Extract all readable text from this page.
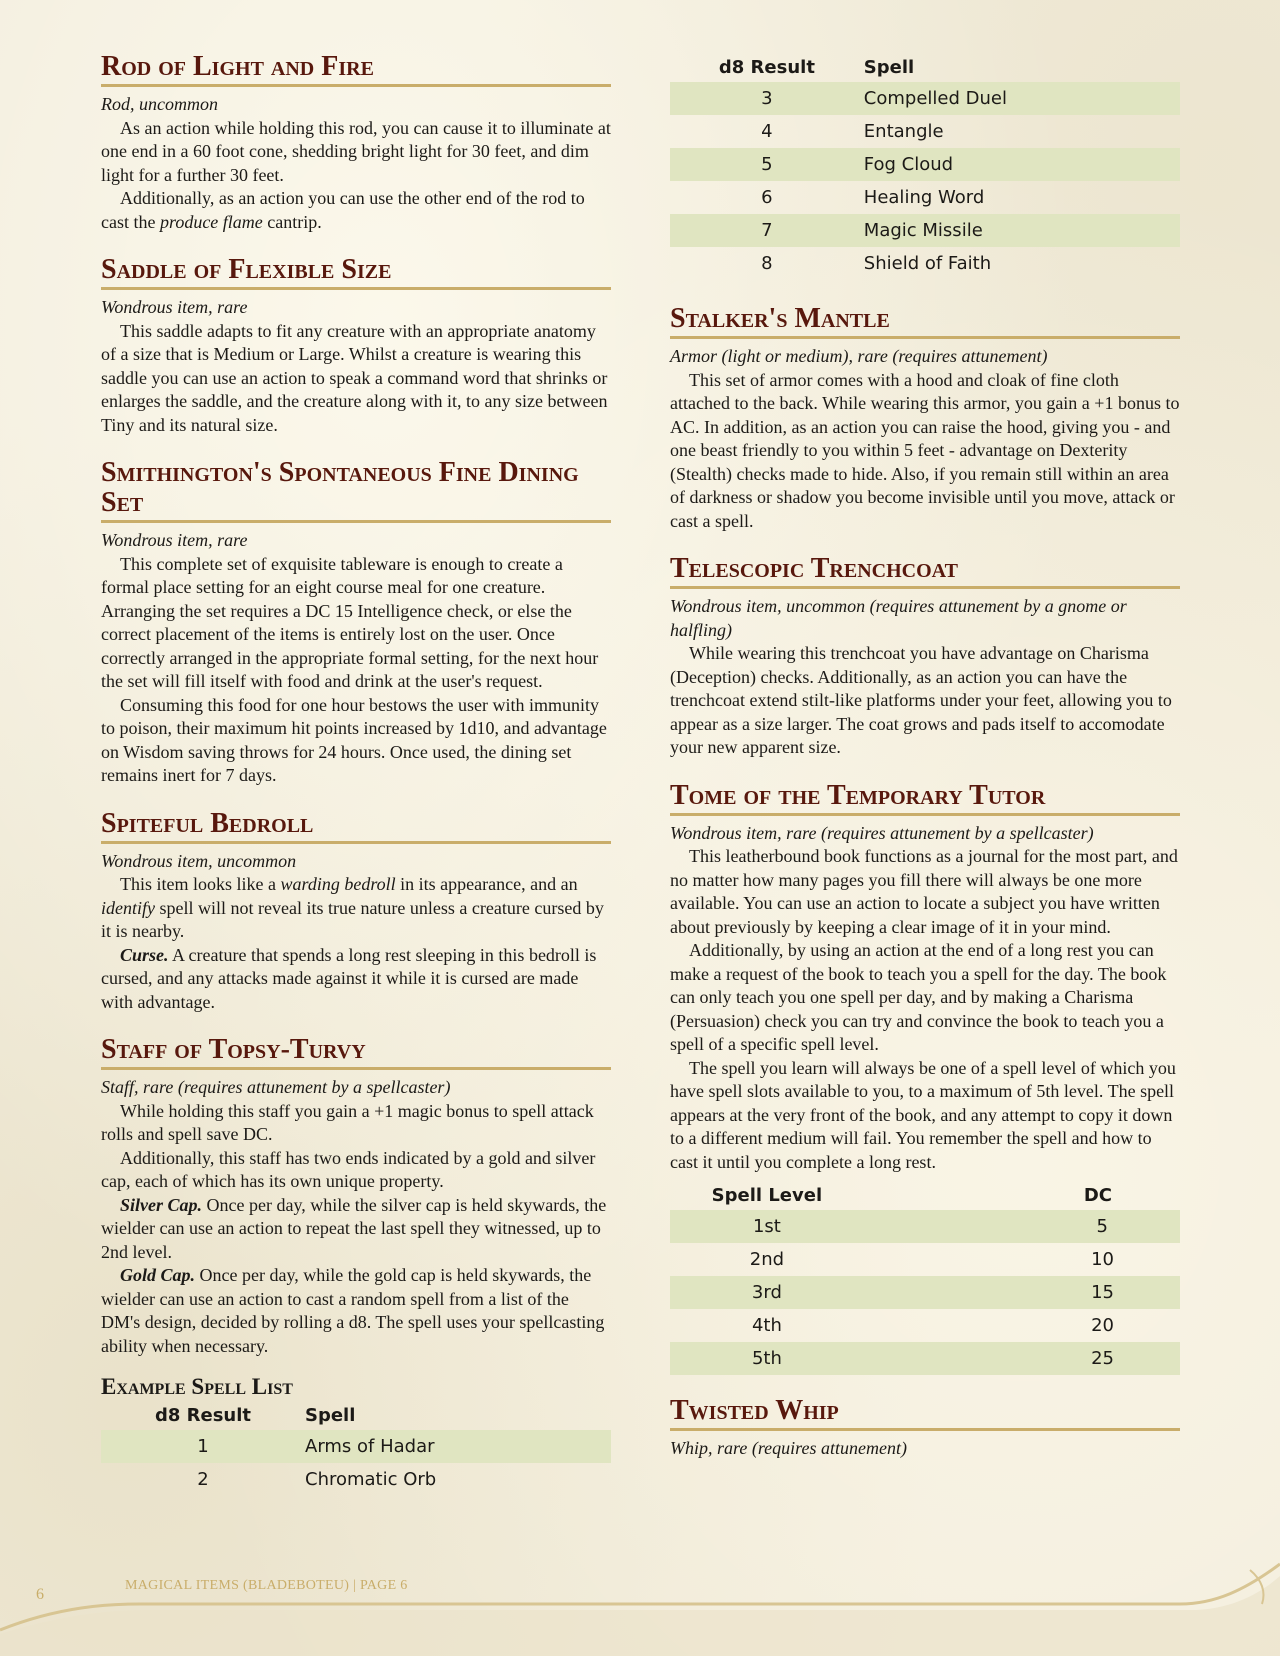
Rod of Light and Fire
Rod, uncommon

As an action while holding this rod, you can cause it to illuminate at one end in a 60 foot cone, shedding bright light for 30 feet, and dim light for a further 30 feet.

Additionally, as an action you can use the other end of the rod to cast the produce flame cantrip.

Saddle of Flexible Size
Wondrous item, rare

This saddle adapts to fit any creature with an appropriate anatomy of a size that is Medium or Large. Whilst a creature is wearing this saddle you can use an action to speak a command word that shrinks or enlarges the saddle, and the creature along with it, to any size between Tiny and its natural size.

Smithington's Spontaneous Fine Dining Set
Wondrous item, rare

This complete set of exquisite tableware is enough to create a formal place setting for an eight course meal for one creature. Arranging the set requires a DC 15 Intelligence check, or else the correct placement of the items is entirely lost on the user. Once correctly arranged in the appropriate formal setting, for the next hour the set will fill itself with food and drink at the user's request.

Consuming this food for one hour bestows the user with immunity to poison, their maximum hit points increased by 1d10, and advantage on Wisdom saving throws for 24 hours. Once used, the dining set remains inert for 7 days.

Spiteful Bedroll
Wondrous item, uncommon

This item looks like a warding bedroll in its appearance, and an identify spell will not reveal its true nature unless a creature cursed by it is nearby.

Curse. A creature that spends a long rest sleeping in this bedroll is cursed, and any attacks made against it while it is cursed are made with advantage.

Staff of Topsy-Turvy
Staff, rare (requires attunement by a spellcaster)

While holding this staff you gain a +1 magic bonus to spell attack rolls and spell save DC.

Additionally, this staff has two ends indicated by a gold and silver cap, each of which has its own unique property.

Silver Cap. Once per day, while the silver cap is held skywards, the wielder can use an action to repeat the last spell they witnessed, up to 2nd level.

Gold Cap. Once per day, while the gold cap is held skywards, the wielder can use an action to cast a random spell from a list of the DM's design, decided by rolling a d8. The spell uses your spellcasting ability when necessary.

Example Spell List
d8 Result	Spell
1	Arms of Hadar
2	Chromatic Orb
d8 Result	Spell
3	Compelled Duel
4	Entangle
5	Fog Cloud
6	Healing Word
7	Magic Missile
8	Shield of Faith
Stalker's Mantle
Armor (light or medium), rare (requires attunement)

This set of armor comes with a hood and cloak of fine cloth attached to the back. While wearing this armor, you gain a +1 bonus to AC. In addition, as an action you can raise the hood, giving you - and one beast friendly to you within 5 feet - advantage on Dexterity (Stealth) checks made to hide. Also, if you remain still within an area of darkness or shadow you become invisible until you move, attack or cast a spell.

Telescopic Trenchcoat
Wondrous item, uncommon (requires attunement by a gnome or halfling)

While wearing this trenchcoat you have advantage on Charisma (Deception) checks. Additionally, as an action you can have the trenchcoat extend stilt-like platforms under your feet, allowing you to appear as a size larger. The coat grows and pads itself to accomodate your new apparent size.

Tome of the Temporary Tutor
Wondrous item, rare (requires attunement by a spellcaster)

This leatherbound book functions as a journal for the most part, and no matter how many pages you fill there will always be one more available. You can use an action to locate a subject you have written about previously by keeping a clear image of it in your mind.

Additionally, by using an action at the end of a long rest you can make a request of the book to teach you a spell for the day. The book can only teach you one spell per day, and by making a Charisma (Persuasion) check you can try and convince the book to teach you a spell of a specific spell level.

The spell you learn will always be one of a spell level of which you have spell slots available to you, to a maximum of 5th level. The spell appears at the very front of the book, and any attempt to copy it down to a different medium will fail. You remember the spell and how to cast it until you complete a long rest.

Spell Level	DC
1st	5
2nd	10
3rd	15
4th	20
5th	25
Twisted Whip
Whip, rare (requires attunement)
MAGICAL ITEMS (BLADEBOTEU) | PAGE 6
6
